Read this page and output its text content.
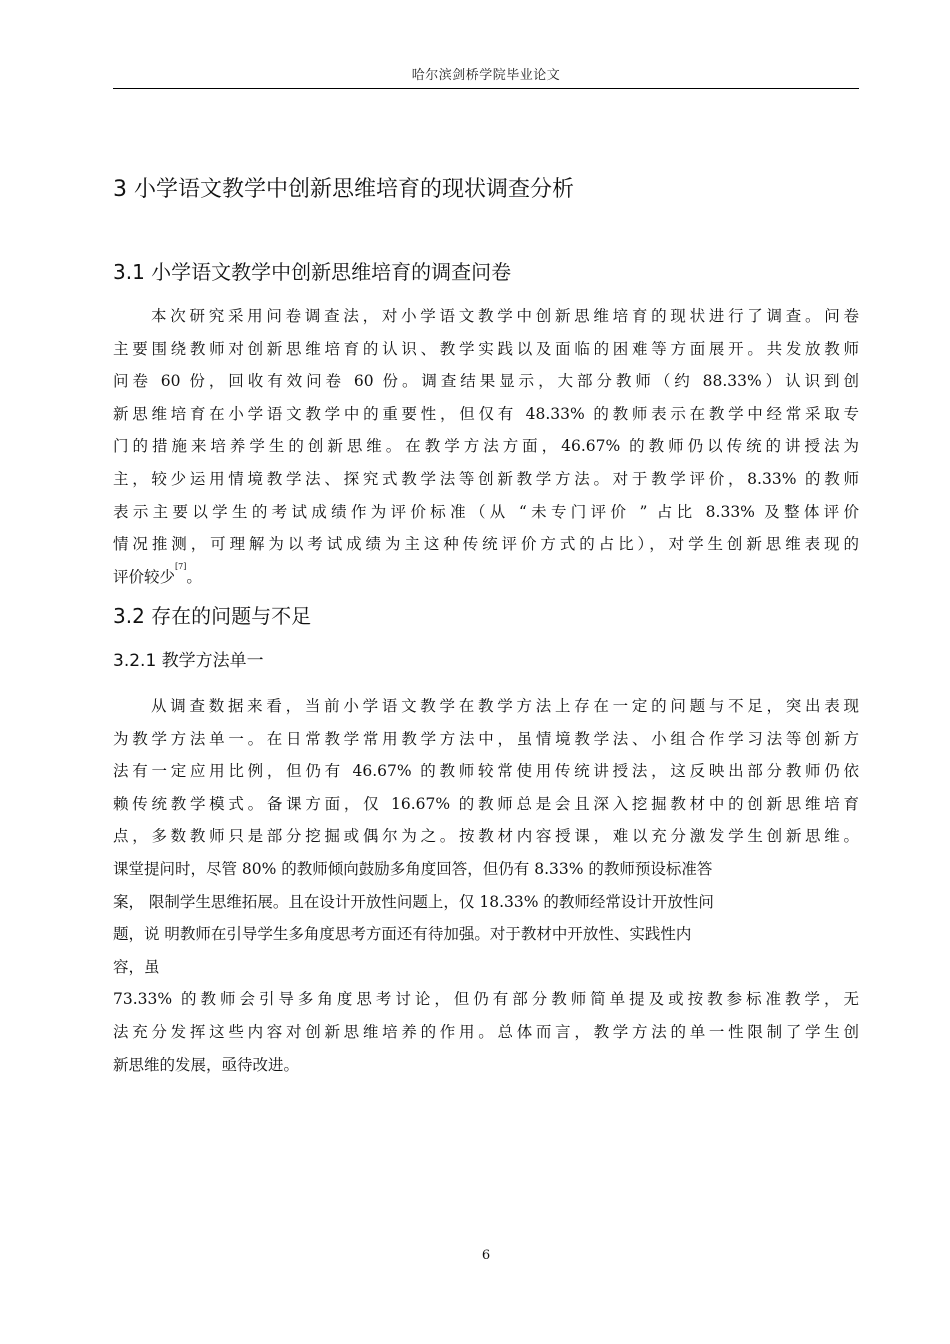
哈尔滨剑桥学院毕业论文
3 小学语文教学中创新思维培育的现状调查分析
3.1 小学语文教学中创新思维培育的调查问卷
本次研究采用问卷调查法，对小学语文教学中创新思维培育的现状进行了调查。问卷
主要围绕教师对创新思维培育的认识、教学实践以及面临的困难等方面展开。共发放教师
问卷 60 份，回收有效问卷 60 份。调查结果显示，大部分教师（约 88.33%）认识到创
新思维培育在小学语文教学中的重要性，但仅有 48.33% 的教师表示在教学中经常采取专
门的措施来培养学生的创新思维。在教学方法方面，46.67% 的教师仍以传统的讲授法为
主，较少运用情境教学法、探究式教学法等创新教学方法。对于教学评价，8.33% 的教师
表示主要以学生的考试成绩作为评价标准（从 “未专门评价 ” 占比 8.33% 及整体评价
情况推测，可理解为以考试成绩为主这种传统评价方式的占比），对学生创新思维表现的
评价较少[7]。
3.2 存在的问题与不足
3.2.1 教学方法单一
从调查数据来看，当前小学语文教学在教学方法上存在一定的问题与不足，突出表现
为教学方法单一。在日常教学常用教学方法中，虽情境教学法、小组合作学习法等创新方
法有一定应用比例，但仍有 46.67% 的教师较常使用传统讲授法，这反映出部分教师仍依
赖传统教学模式。备课方面，仅 16.67% 的教师总是会且深入挖掘教材中的创新思维培育
点，多数教师只是部分挖掘或偶尔为之。按教材内容授课，难以充分激发学生创新思维。
课堂提问时，尽管 80% 的教师倾向鼓励多角度回答，但仍有 8.33% 的教师预设标准答
案， 限制学生思维拓展。且在设计开放性问题上，仅 18.33% 的教师经常设计开放性问
题，说 明教师在引导学生多角度思考方面还有待加强。对于教材中开放性、实践性内
容，虽
73.33% 的教师会引导多角度思考讨论，但仍有部分教师简单提及或按教参标准教学，无
法充分发挥这些内容对创新思维培养的作用。总体而言，教学方法的单一性限制了学生创
新思维的发展，亟待改进。
6
